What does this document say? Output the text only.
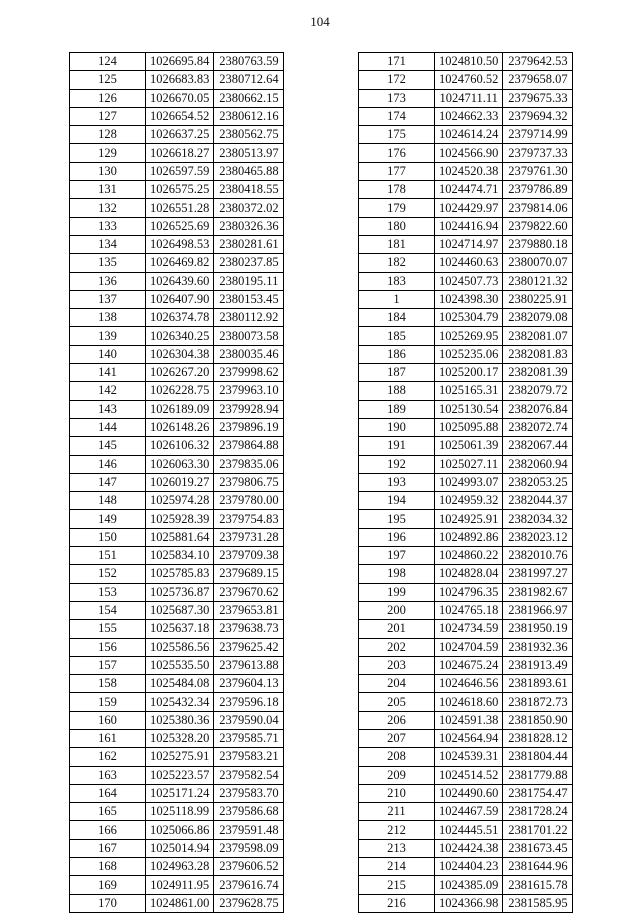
104
124	1026695.84	2380763.59
125	1026683.83	2380712.64
126	1026670.05	2380662.15
127	1026654.52	2380612.16
128	1026637.25	2380562.75
129	1026618.27	2380513.97
130	1026597.59	2380465.88
131	1026575.25	2380418.55
132	1026551.28	2380372.02
133	1026525.69	2380326.36
134	1026498.53	2380281.61
135	1026469.82	2380237.85
136	1026439.60	2380195.11
137	1026407.90	2380153.45
138	1026374.78	2380112.92
139	1026340.25	2380073.58
140	1026304.38	2380035.46
141	1026267.20	2379998.62
142	1026228.75	2379963.10
143	1026189.09	2379928.94
144	1026148.26	2379896.19
145	1026106.32	2379864.88
146	1026063.30	2379835.06
147	1026019.27	2379806.75
148	1025974.28	2379780.00
149	1025928.39	2379754.83
150	1025881.64	2379731.28
151	1025834.10	2379709.38
152	1025785.83	2379689.15
153	1025736.87	2379670.62
154	1025687.30	2379653.81
155	1025637.18	2379638.73
156	1025586.56	2379625.42
157	1025535.50	2379613.88
158	1025484.08	2379604.13
159	1025432.34	2379596.18
160	1025380.36	2379590.04
161	1025328.20	2379585.71
162	1025275.91	2379583.21
163	1025223.57	2379582.54
164	1025171.24	2379583.70
165	1025118.99	2379586.68
166	1025066.86	2379591.48
167	1025014.94	2379598.09
168	1024963.28	2379606.52
169	1024911.95	2379616.74
170	1024861.00	2379628.75
171	1024810.50	2379642.53
172	1024760.52	2379658.07
173	1024711.11	2379675.33
174	1024662.33	2379694.32
175	1024614.24	2379714.99
176	1024566.90	2379737.33
177	1024520.38	2379761.30
178	1024474.71	2379786.89
179	1024429.97	2379814.06
180	1024416.94	2379822.60
181	1024714.97	2379880.18
182	1024460.63	2380070.07
183	1024507.73	2380121.32
1	1024398.30	2380225.91
184	1025304.79	2382079.08
185	1025269.95	2382081.07
186	1025235.06	2382081.83
187	1025200.17	2382081.39
188	1025165.31	2382079.72
189	1025130.54	2382076.84
190	1025095.88	2382072.74
191	1025061.39	2382067.44
192	1025027.11	2382060.94
193	1024993.07	2382053.25
194	1024959.32	2382044.37
195	1024925.91	2382034.32
196	1024892.86	2382023.12
197	1024860.22	2382010.76
198	1024828.04	2381997.27
199	1024796.35	2381982.67
200	1024765.18	2381966.97
201	1024734.59	2381950.19
202	1024704.59	2381932.36
203	1024675.24	2381913.49
204	1024646.56	2381893.61
205	1024618.60	2381872.73
206	1024591.38	2381850.90
207	1024564.94	2381828.12
208	1024539.31	2381804.44
209	1024514.52	2381779.88
210	1024490.60	2381754.47
211	1024467.59	2381728.24
212	1024445.51	2381701.22
213	1024424.38	2381673.45
214	1024404.23	2381644.96
215	1024385.09	2381615.78
216	1024366.98	2381585.95
